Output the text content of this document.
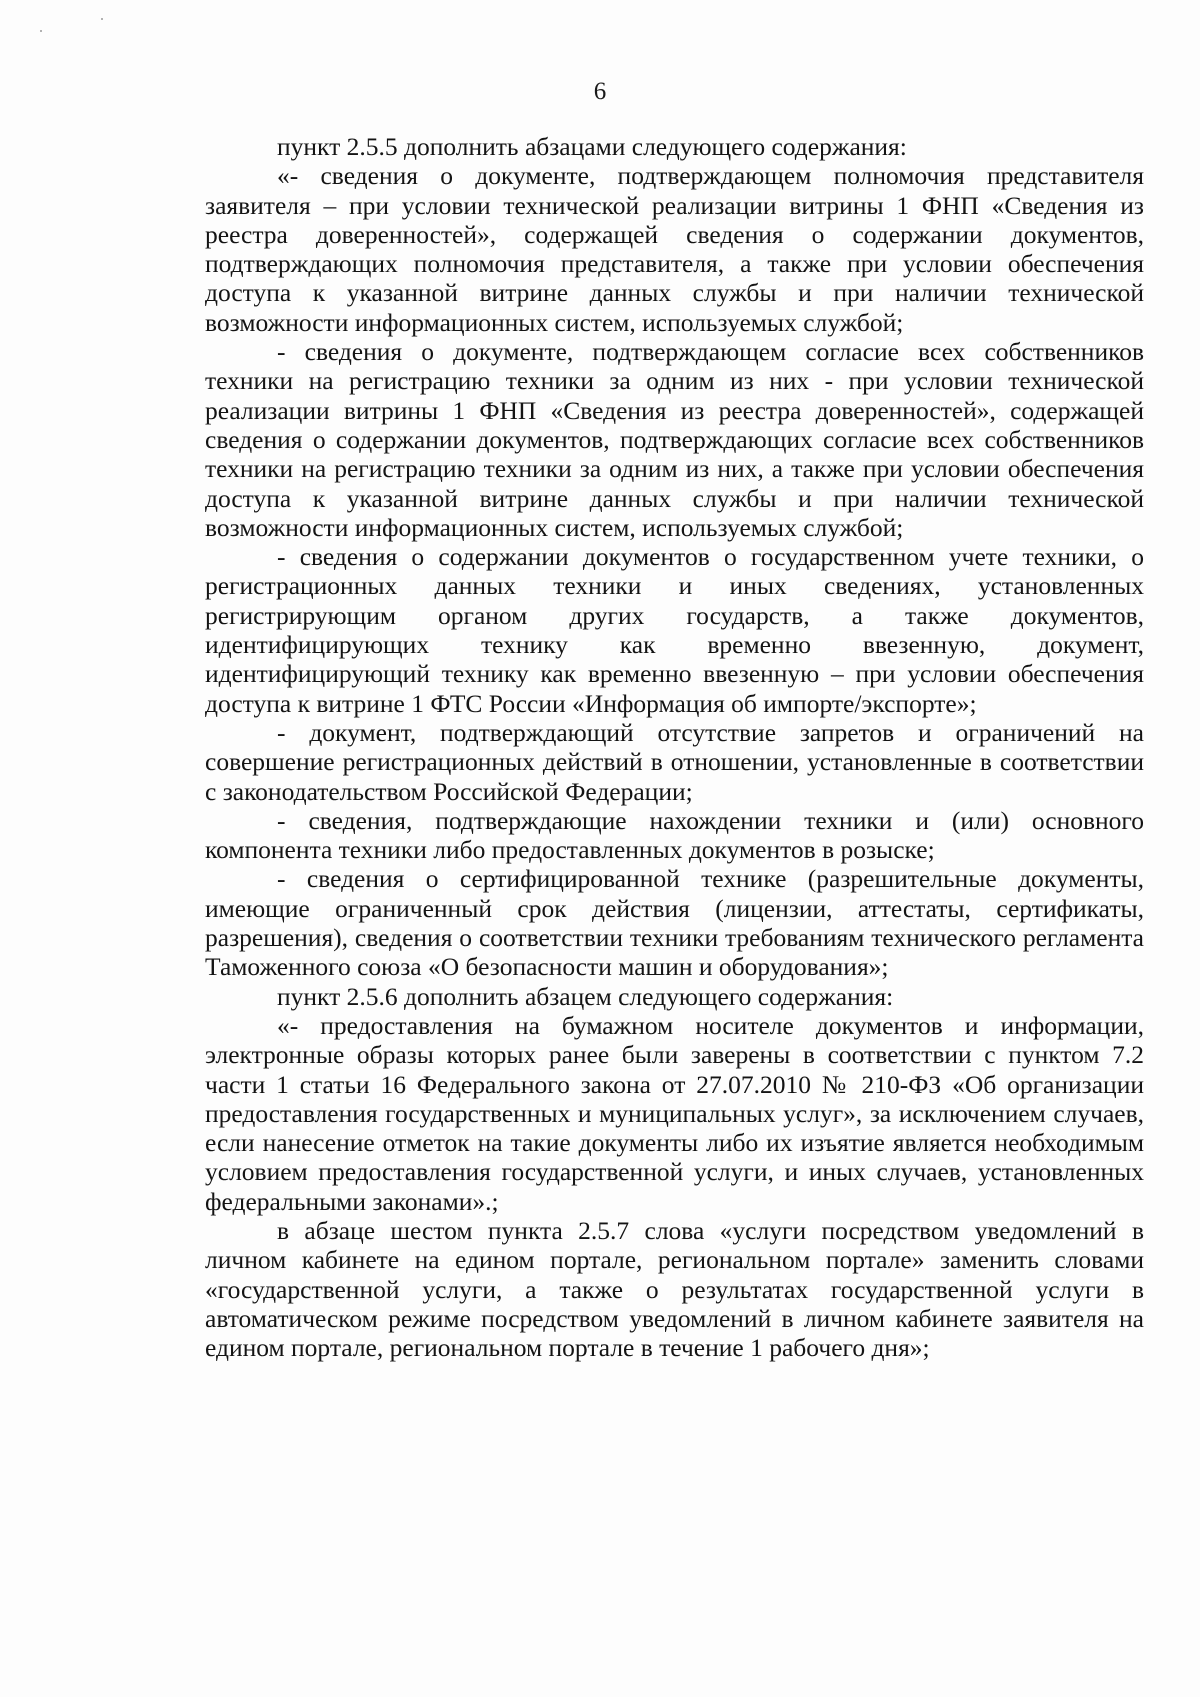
6

пункт 2.5.5 дополнить абзацами следующего содержания:

«- сведения о документе, подтверждающем полномочия представителя заявителя – при условии технической реализации витрины 1 ФНП «Сведения из реестра доверенностей», содержащей сведения о содержании документов, подтверждающих полномочия представителя, а также при условии обеспечения доступа к указанной витрине данных службы и при наличии технической возможности информационных систем, используемых службой;

- сведения о документе, подтверждающем согласие всех собственников техники на регистрацию техники за одним из них - при условии технической реализации витрины 1 ФНП «Сведения из реестра доверенностей», содержащей сведения о содержании документов, подтверждающих согласие всех собственников техники на регистрацию техники за одним из них, а также при условии обеспечения доступа к указанной витрине данных службы и при наличии технической возможности информационных систем, используемых службой;

- сведения о содержании документов о государственном учете техники, о регистрационных данных техники и иных сведениях, установленных регистрирующим органом других государств, а также документов, идентифицирующих технику как временно ввезенную, документ, идентифицирующий технику как временно ввезенную – при условии обеспечения доступа к витрине 1 ФТС России «Информация об импорте/экспорте»;

- документ, подтверждающий отсутствие запретов и ограничений на совершение регистрационных действий в отношении, установленные в соответствии с законодательством Российской Федерации;

- сведения, подтверждающие нахождении техники и (или) основного компонента техники либо предоставленных документов в розыске;

- сведения о сертифицированной технике (разрешительные документы, имеющие ограниченный срок действия (лицензии, аттестаты, сертификаты, разрешения), сведения о соответствии техники требованиям технического регламента Таможенного союза «О безопасности машин и оборудования»;

пункт 2.5.6 дополнить абзацем следующего содержания:

«- предоставления на бумажном носителе документов и информации, электронные образы которых ранее были заверены в соответствии с пунктом 7.2 части 1 статьи 16 Федерального закона от 27.07.2010 № 210-ФЗ «Об организации предоставления государственных и муниципальных услуг», за исключением случаев, если нанесение отметок на такие документы либо их изъятие является необходимым условием предоставления государственной услуги, и иных случаев, установленных федеральными законами».;

в абзаце шестом пункта 2.5.7 слова «услуги посредством уведомлений в личном кабинете на едином портале, региональном портале» заменить словами «государственной услуги, а также о результатах государственной услуги в автоматическом режиме посредством уведомлений в личном кабинете заявителя на едином портале, региональном портале в течение 1 рабочего дня»;
